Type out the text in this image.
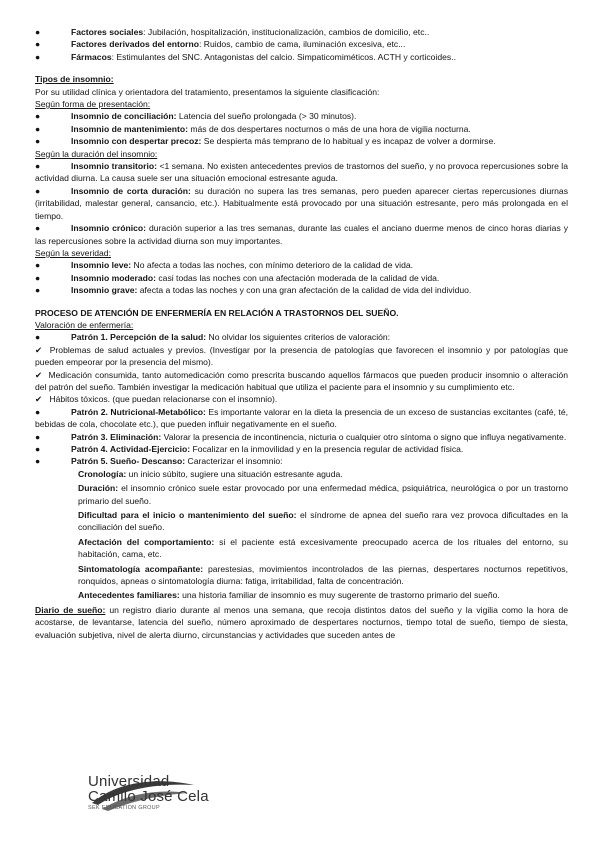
●	Factores sociales: Jubilación, hospitalización, institucionalización, cambios de domicilio, etc..
●	Factores derivados del entorno: Ruidos, cambio de cama, iluminación excesiva, etc...
●	Fármacos: Estimulantes del SNC. Antagonistas del calcio. Simpaticomiméticos. ACTH y corticoides..

Tipos de insomnio:

Por su utilidad clínica y orientadora del tratamiento, presentamos la siguiente clasificación:

Según forma de presentación:

●	Insomnio de conciliación: Latencia del sueño prolongada (> 30 minutos).
●	Insomnio de mantenimiento: más de dos despertares nocturnos o más de una hora de vigilia nocturna.
●	Insomnio con despertar precoz: Se despierta más temprano de lo habitual y es incapaz de volver a dormirse.

Según la duración del insomnio:

●	Insomnio transitorio: <1 semana. No existen antecedentes previos de trastornos del sueño, y no provoca repercusiones sobre la actividad diurna. La causa suele ser una situación emocional estresante aguda.

●	Insomnio de corta duración: su duración no supera las tres semanas, pero pueden aparecer ciertas repercusiones diurnas (irritabilidad, malestar general, cansancio, etc.). Habitualmente está provocado por una situación estresante, pero más prolongada en el tiempo.

●	Insomnio crónico: duración superior a las tres semanas, durante las cuales el anciano duerme menos de cinco horas diarias y las repercusiones sobre la actividad diurna son muy importantes.

Según la severidad:

●	Insomnio leve: No afecta a todas las noches, con mínimo deterioro de la calidad de vida.
●	Insomnio moderado: casi todas las noches con una afectación moderada de la calidad de vida.
●	Insomnio grave: afecta a todas las noches y con una gran afectación de la calidad de vida del individuo.

PROCESO DE ATENCIÓN DE ENFERMERÍA EN RELACIÓN A TRASTORNOS DEL SUEÑO.

Valoración de enfermería:

●	Patrón 1. Percepción de la salud: No olvidar los siguientes criterios de valoración:

✔ Problemas de salud actuales y previos. (Investigar por la presencia de patologías que favorecen el insomnio y por patologías que pueden empeorar por la presencia del mismo).

✔ Medicación consumida, tanto automedicación como prescrita buscando aquellos fármacos que pueden producir insomnio o alteración del patrón del sueño. También investigar la medicación habitual que utiliza el paciente para el insomnio y su cumplimiento etc.

✔ Hábitos tóxicos. (que puedan relacionarse con el insomnio).

●	Patrón 2. Nutricional-Metabólico: Es importante valorar en la dieta la presencia de un exceso de sustancias excitantes (café, té, bebidas de cola, chocolate etc.), que pueden influir negativamente en el sueño.

●	Patrón 3. Eliminación: Valorar la presencia de incontinencia, nicturia o cualquier otro síntoma o signo que influya negativamente.

●	Patrón 4. Actividad-Ejercicio: Focalizar en la inmovilidad y en la presencia regular de actividad física.
●	Patrón 5. Sueño- Descanso: Caracterizar el insomnio:

Cronología: un inicio súbito, sugiere una situación estresante aguda.

Duración: el insomnio crónico suele estar provocado por una enfermedad médica, psiquiátrica, neurológica o por un trastorno primario del sueño.

Dificultad para el inicio o mantenimiento del sueño: el síndrome de apnea del sueño rara vez provoca dificultades en la conciliación del sueño.

Afectación del comportamiento: si el paciente está excesivamente preocupado acerca de los rituales del entorno, su habitación, cama, etc.

Sintomatología acompañante: parestesias, movimientos incontrolados de las piernas, despertares nocturnos repetitivos, ronquidos, apneas o sintomatología diurna: fatiga, irritabilidad, falta de concentración.

Antecedentes familiares: una historia familiar de insomnio es muy sugerente de trastorno primario del sueño.

Diario de sueño: un registro diario durante al menos una semana, que recoja distintos datos del sueño y la vigilia como la hora de acostarse, de levantarse, latencia del sueño, número aproximado de despertares nocturnos, tiempo total de sueño, tiempo de siesta, evaluación subjetiva, nivel de alerta diurno, circunstancias y actividades que suceden antes de

Universidad
Camilo José Cela
SEK EDUCATION GROUP
